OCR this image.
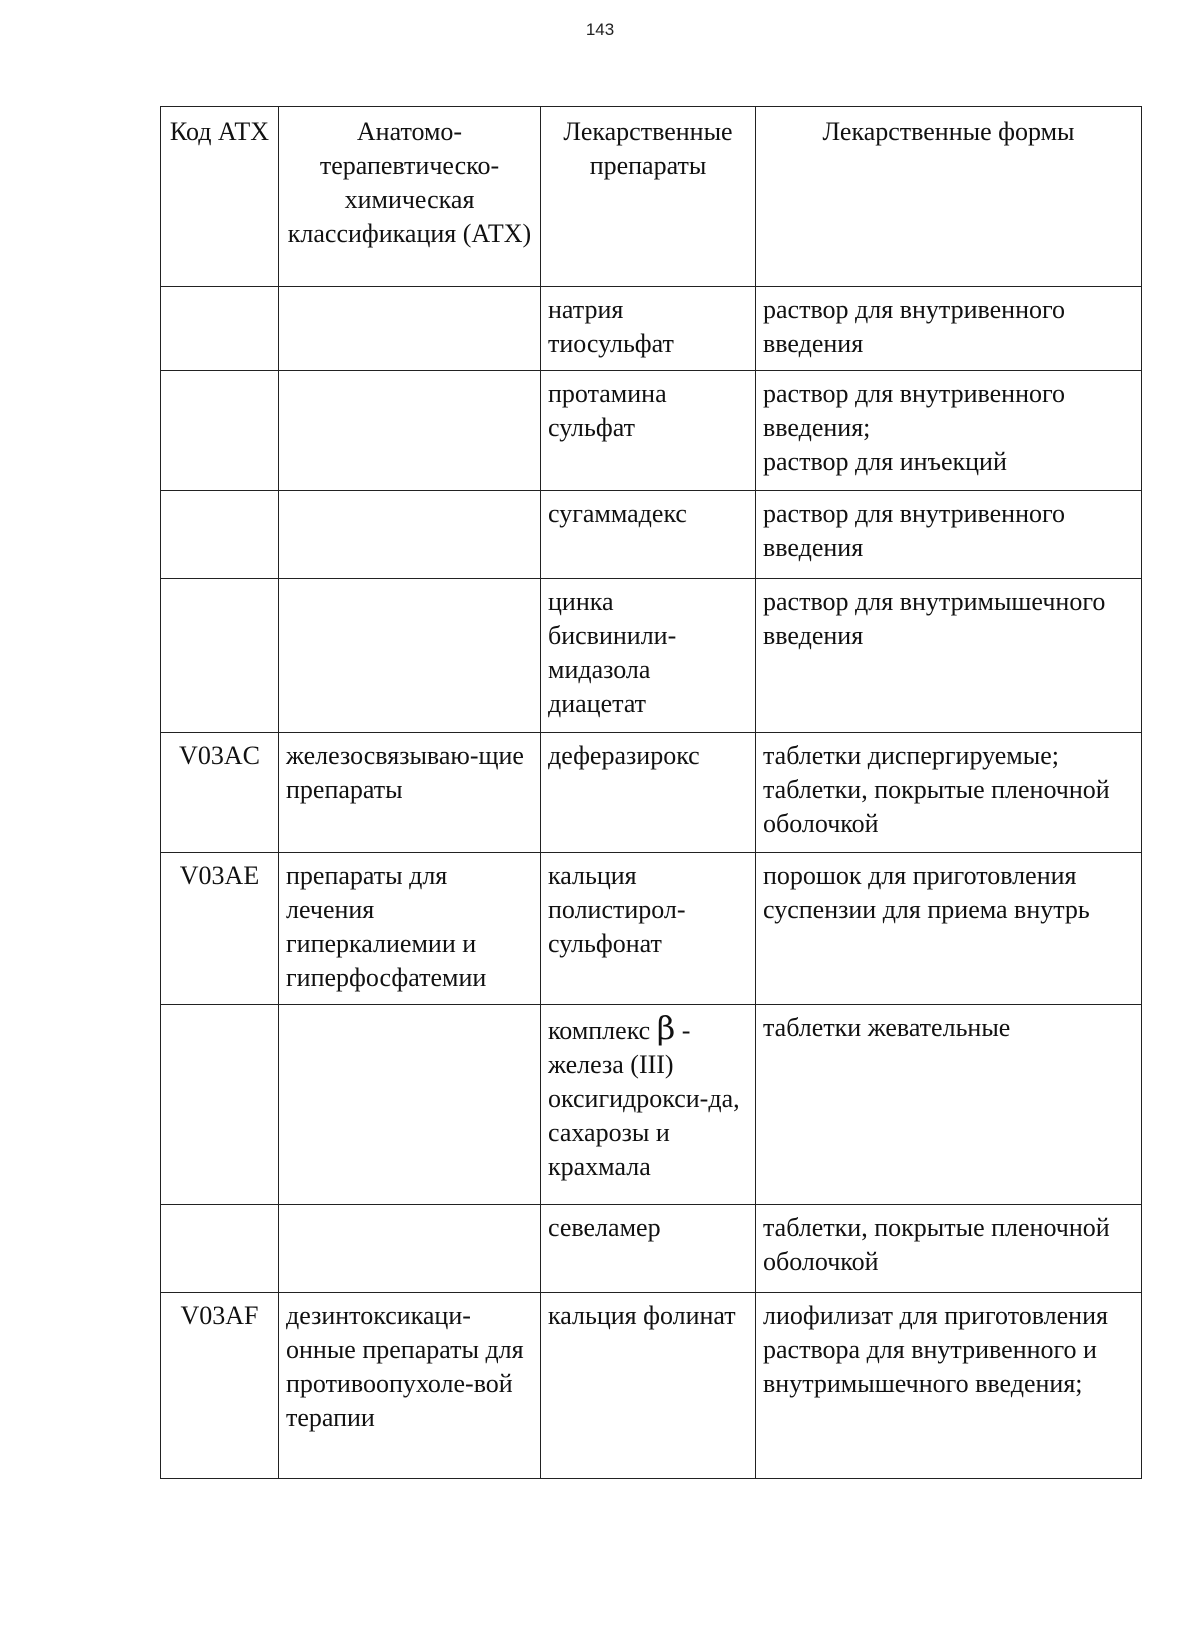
143
Код АТХ	Анатомо-терапевтическо-химическая классификация (АТХ)	Лекарственные препараты	Лекарственные формы
		натрия тиосульфат	раствор для внутривенного введения

		протамина сульфат	раствор для внутривенного введения;
раствор для инъекций

		сугаммадекс	раствор для внутривенного введения

		цинка бисвинили-мидазола диацетат	раствор для внутримышечного введения

V03AC	железосвязываю-щие препараты	деферазирокс	таблетки диспергируемые;
таблетки, покрытые пленочной оболочкой

V03AE	препараты для лечения гиперкалиемии и гиперфосфатемии	кальция полистирол-сульфонат	порошок для приготовления суспензии для приема внутрь

		комплекс β - железа (III) оксигидрокси-да, сахарозы и крахмала	таблетки жевательные

		севеламер	таблетки, покрытые пленочной оболочкой

V03AF	дезинтоксикаци-онные препараты для противоопухоле-вой терапии	кальция фолинат	лиофилизат для приготовления раствора для внутривенного и внутримышечного введения;
